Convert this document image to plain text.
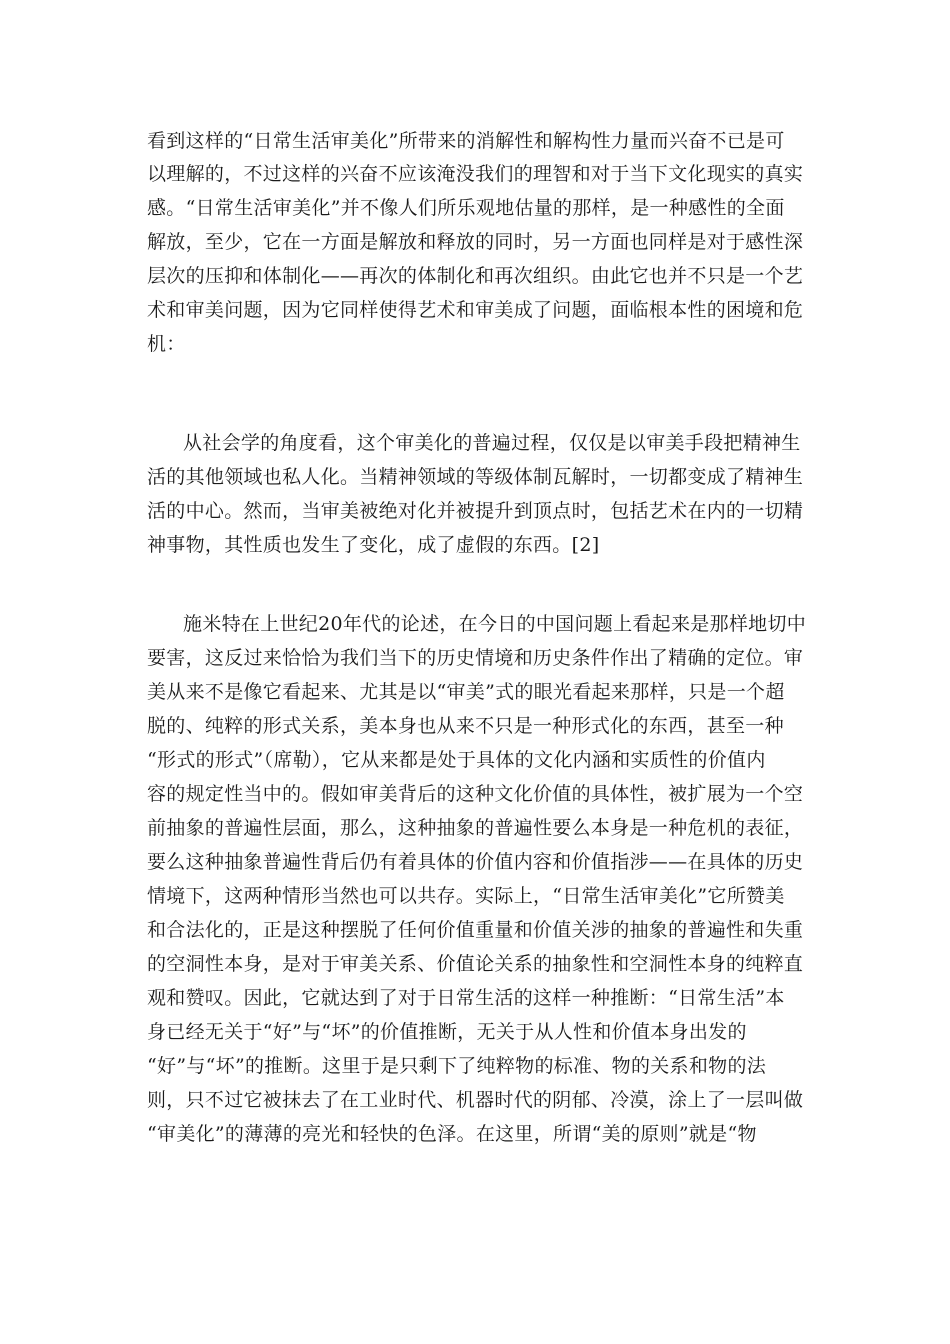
看到这样的“日常生活审美化”所带来的消解性和解构性力量而兴奋不已是可
以理解的，不过这样的兴奋不应该淹没我们的理智和对于当下文化现实的真实
感。“日常生活审美化”并不像人们所乐观地估量的那样，是一种感性的全面
解放，至少，它在一方面是解放和释放的同时，另一方面也同样是对于感性深
层次的压抑和体制化——再次的体制化和再次组织。由此它也并不只是一个艺
术和审美问题，因为它同样使得艺术和审美成了问题，面临根本性的困境和危
机：
从社会学的角度看，这个审美化的普遍过程，仅仅是以审美手段把精神生
活的其他领域也私人化。当精神领域的等级体制瓦解时，一切都变成了精神生
活的中心。然而，当审美被绝对化并被提升到顶点时，包括艺术在内的一切精
神事物，其性质也发生了变化，成了虚假的东西。[2]
施米特在上世纪20年代的论述，在今日的中国问题上看起来是那样地切中
要害，这反过来恰恰为我们当下的历史情境和历史条件作出了精确的定位。审
美从来不是像它看起来、尤其是以“审美”式的眼光看起来那样，只是一个超
脱的、纯粹的形式关系，美本身也从来不只是一种形式化的东西，甚至一种
“形式的形式”（席勒），它从来都是处于具体的文化内涵和实质性的价值内
容的规定性当中的。假如审美背后的这种文化价值的具体性，被扩展为一个空
前抽象的普遍性层面，那么，这种抽象的普遍性要么本身是一种危机的表征，
要么这种抽象普遍性背后仍有着具体的价值内容和价值指涉——在具体的历史
情境下，这两种情形当然也可以共存。实际上，“日常生活审美化”它所赞美
和合法化的，正是这种摆脱了任何价值重量和价值关涉的抽象的普遍性和失重
的空洞性本身，是对于审美关系、价值论关系的抽象性和空洞性本身的纯粹直
观和赞叹。因此，它就达到了对于日常生活的这样一种推断：“日常生活”本
身已经无关于“好”与“坏”的价值推断，无关于从人性和价值本身出发的
“好”与“坏”的推断。这里于是只剩下了纯粹物的标准、物的关系和物的法
则，只不过它被抹去了在工业时代、机器时代的阴郁、冷漠，涂上了一层叫做
“审美化”的薄薄的亮光和轻快的色泽。在这里，所谓“美的原则”就是“物
